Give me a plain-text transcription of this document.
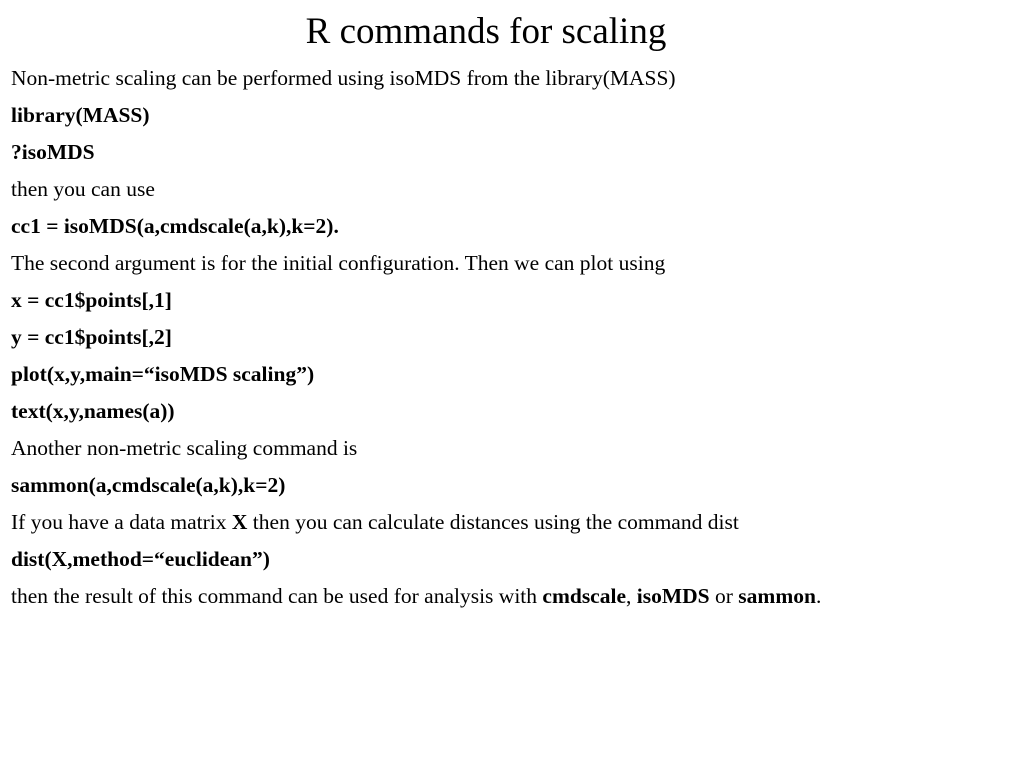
R commands for scaling
Non-metric scaling can be performed using isoMDS from the library(MASS)
library(MASS)
?isoMDS
then you can use
cc1 = isoMDS(a,cmdscale(a,k),k=2).
The second argument is for the initial configuration. Then we can plot using
x = cc1$points[,1]
y = cc1$points[,2]
plot(x,y,main=“isoMDS scaling”)
text(x,y,names(a))
Another non-metric scaling command is
sammon(a,cmdscale(a,k),k=2)
If you have a data matrix X then you can calculate distances using the command dist
dist(X,method=“euclidean”)
then the result of this command can be used for analysis with cmdscale, isoMDS or sammon.
